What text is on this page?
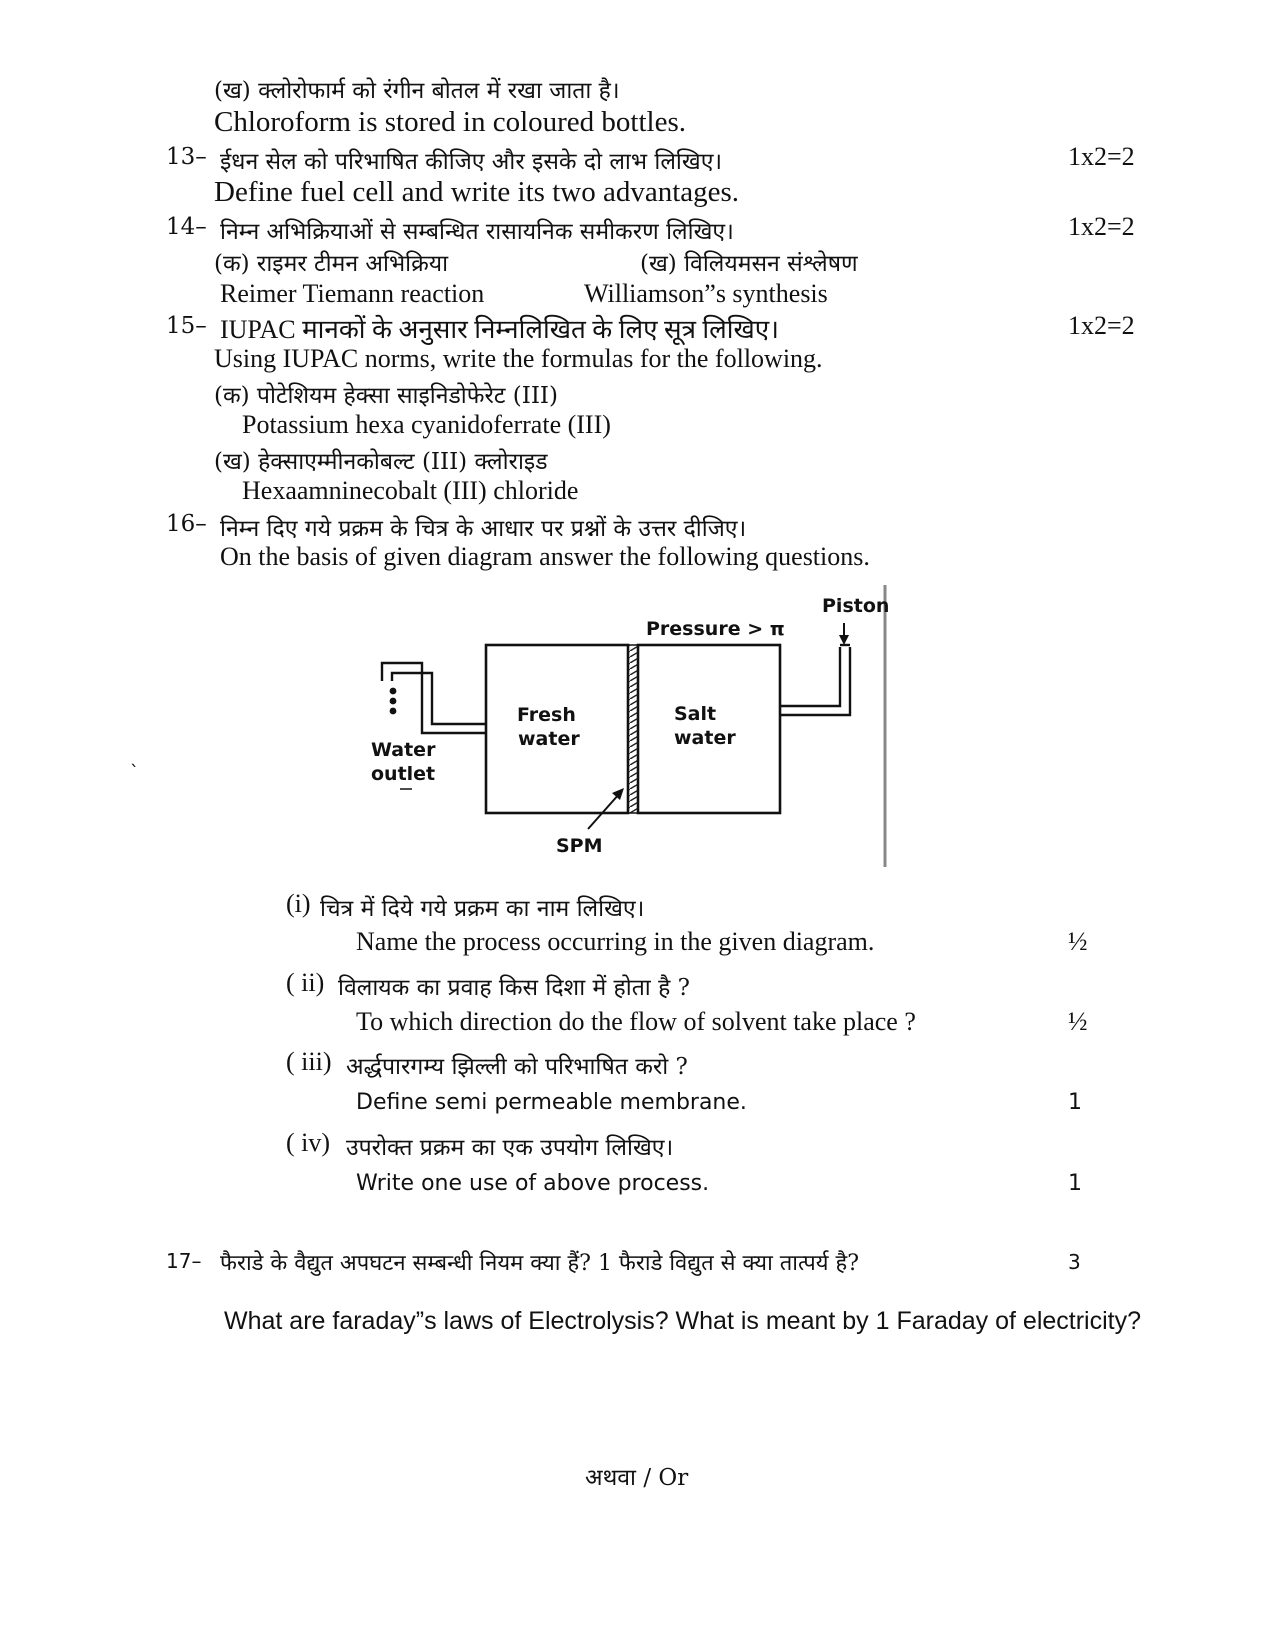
(ख) क्लोरोफार्म को रंगीन बोतल में रखा जाता है।
Chloroform is stored in coloured bottles.
13– ईधन सेल को परिभाषित कीजिए और इसके दो लाभ लिखिए।	1x2=2
Define fuel cell and write its two advantages.
14– निम्न अभिक्रियाओं से सम्बन्धित रासायनिक समीकरण लिखिए।	1x2=2
(क) राइमर टीमन अभिक्रिया	(ख) विलियमसन संश्लेषण
Reimer Tiemann reaction	Williamson”s synthesis
15– IUPAC मानकों के अनुसार निम्नलिखित के लिए सूत्र लिखिए।	1x2=2
Using IUPAC norms, write the formulas for the following.
(क) पोटेशियम हेक्सा साइनिडोफेरेट (III)
Potassium hexa cyanidoferrate (III)
(ख) हेक्साएम्मीनकोबल्ट (III) क्लोराइड
Hexaamninecobalt (III) chloride
16– निम्न दिए गये प्रक्रम के चित्र के आधार पर प्रश्नों के उत्तर दीजिए।
On the basis of given diagram answer the following questions.
`
Piston
Pressure > π
Fresh
water
Salt
water
Water
outlet
SPM
(i) चित्र में दिये गये प्रक्रम का नाम लिखिए।
Name the process occurring in the given diagram.	½
( ii) विलायक का प्रवाह किस दिशा में होता है ?
To which direction do the flow of solvent take place ?	½
( iii) अर्द्धपारगम्य झिल्ली को परिभाषित करो ?
Define semi permeable membrane.	1
( iv) उपरोक्त प्रक्रम का एक उपयोग लिखिए।
Write one use of above process.	1
17– फैराडे के वैद्युत अपघटन सम्बन्धी नियम क्या हैं? 1 फैराडे विद्युत से क्या तात्पर्य है?	3
What are faraday”s laws of Electrolysis? What is meant by 1 Faraday of electricity?
अथवा / Or
